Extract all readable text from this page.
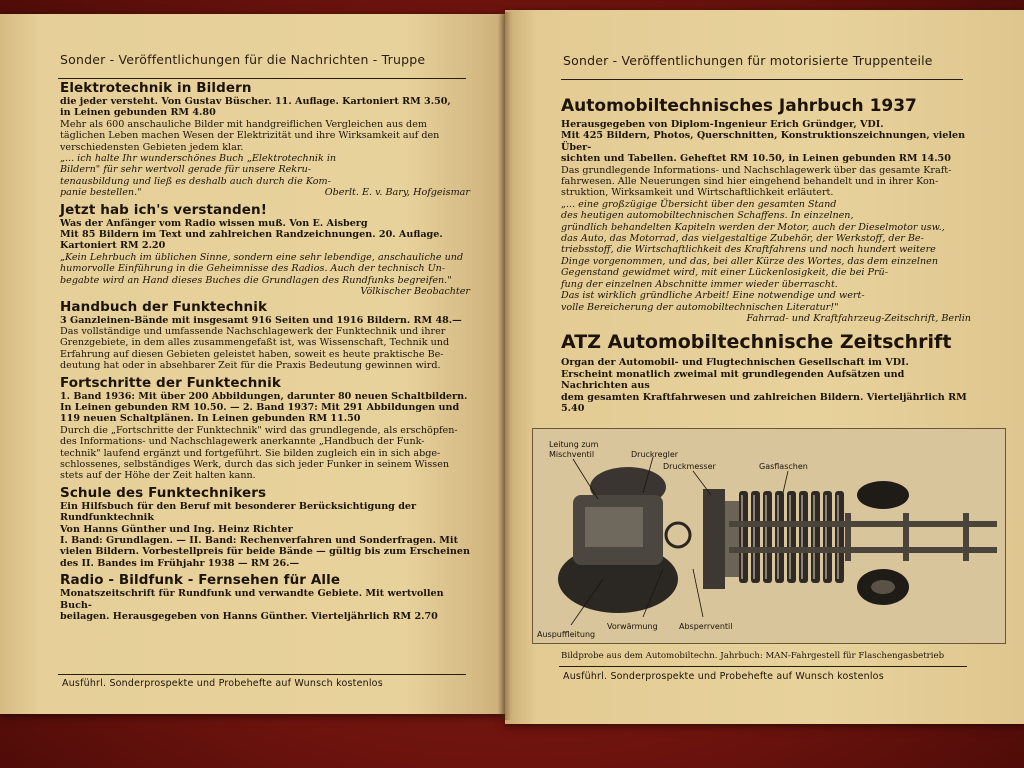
Sonder - Veröffentlichungen für die Nachrichten - Truppe

Elektrotechnik in Bildern

die jeder versteht. Von Gustav Büscher. 11. Auflage. Kartoniert RM 3.50,

in Leinen gebunden RM 4.80

Mehr als 600 anschauliche Bilder mit handgreiflichen Vergleichen aus dem

täglichen Leben machen Wesen der Elektrizität und ihre Wirksamkeit auf den

verschiedensten Gebieten jedem klar.

„... ich halte Ihr wunderschönes Buch „Elektrotechnik in

Bildern" für sehr wertvoll gerade für unsere Rekru-

tenausbildung und ließ es deshalb auch durch die Kom-

panie bestellen."	Oberlt. E. v. Bary, Hofgeismar

Jetzt hab ich's verstanden!

Was der Anfänger vom Radio wissen muß. Von E. Aisberg

Mit 85 Bildern im Text und zahlreichen Randzeichnungen. 20. Auflage.

Kartoniert RM 2.20

„Kein Lehrbuch im üblichen Sinne, sondern eine sehr lebendige, anschauliche und

humorvolle Einführung in die Geheimnisse des Radios. Auch der technisch Un-

begabte wird an Hand dieses Buches die Grundlagen des Rundfunks begreifen."

Völkischer Beobachter

Handbuch der Funktechnik

3 Ganzleinen-Bände mit insgesamt 916 Seiten und 1916 Bildern. RM 48.—

Das vollständige und umfassende Nachschlagewerk der Funktechnik und ihrer

Grenzgebiete, in dem alles zusammengefaßt ist, was Wissenschaft, Technik und

Erfahrung auf diesen Gebieten geleistet haben, soweit es heute praktische Be-

deutung hat oder in absehbarer Zeit für die Praxis Bedeutung gewinnen wird.

Fortschritte der Funktechnik

1. Band 1936: Mit über 200 Abbildungen, darunter 80 neuen Schaltbildern.

In Leinen gebunden RM 10.50. — 2. Band 1937: Mit 291 Abbildungen und

119 neuen Schaltplänen. In Leinen gebunden RM 11.50

Durch die „Fortschritte der Funktechnik" wird das grundlegende, als erschöpfen-

des Informations- und Nachschlagewerk anerkannte „Handbuch der Funk-

technik" laufend ergänzt und fortgeführt. Sie bilden zugleich ein in sich abge-

schlossenes, selbständiges Werk, durch das sich jeder Funker in seinem Wissen

stets auf der Höhe der Zeit halten kann.

Schule des Funktechnikers

Ein Hilfsbuch für den Beruf mit besonderer Berücksichtigung der Rundfunktechnik

Von Hanns Günther und Ing. Heinz Richter

I. Band: Grundlagen. — II. Band: Rechenverfahren und Sonderfragen. Mit

vielen Bildern. Vorbestellpreis für beide Bände — gültig bis zum Erscheinen

des II. Bandes im Frühjahr 1938 — RM 26.—

Radio - Bildfunk - Fernsehen für Alle

Monatszeitschrift für Rundfunk und verwandte Gebiete. Mit wertvollen Buch-

beilagen. Herausgegeben von Hanns Günther. Vierteljährlich RM 2.70

Ausführl. Sonderprospekte und Probehefte auf Wunsch kostenlos
Sonder - Veröffentlichungen für motorisierte Truppenteile

Automobiltechnisches Jahrbuch 1937

Herausgegeben von Diplom-Ingenieur Erich Gründger, VDI.

Mit 425 Bildern, Photos, Querschnitten, Konstruktionszeichnungen, vielen Über-

sichten und Tabellen. Geheftet RM 10.50, in Leinen gebunden RM 14.50

Das grundlegende Informations- und Nachschlagewerk über das gesamte Kraft-

fahrwesen. Alle Neuerungen sind hier eingehend behandelt und in ihrer Kon-

struktion, Wirksamkeit und Wirtschaftlichkeit erläutert.

„... eine großzügige Übersicht über den gesamten Stand

des heutigen automobiltechnischen Schaffens. In einzelnen,

gründlich behandelten Kapiteln werden der Motor, auch der Dieselmotor usw.,

das Auto, das Motorrad, das vielgestaltige Zubehör, der Werkstoff, der Be-

triebsstoff, die Wirtschaftlichkeit des Kraftfahrens und noch hundert weitere

Dinge vorgenommen, und das, bei aller Kürze des Wortes, das dem einzelnen

Gegenstand gewidmet wird, mit einer Lückenlosigkeit, die bei Prü-

fung der einzelnen Abschnitte immer wieder überrascht.

Das ist wirklich gründliche Arbeit! Eine notwendige und wert-

volle Bereicherung der automobiltechnischen Literatur!"

Fahrrad- und Kraftfahrzeug-Zeitschrift, Berlin

ATZ Automobiltechnische Zeitschrift

Organ der Automobil- und Flugtechnischen Gesellschaft im VDI.

Erscheint monatlich zweimal mit grundlegenden Aufsätzen und Nachrichten aus

dem gesamten Kraftfahrwesen und zahlreichen Bildern. Vierteljährlich RM 5.40

Leitung zum
Mischventil	Druckregler
Druckmesser	Gasflaschen
Auspuffleitung
Vorwärmung	Absperrventil
Bildprobe aus dem Automobiltechn. Jahrbuch: MAN-Fahrgestell für Flaschengasbetrieb
Ausführl. Sonderprospekte und Probehefte auf Wunsch kostenlos
